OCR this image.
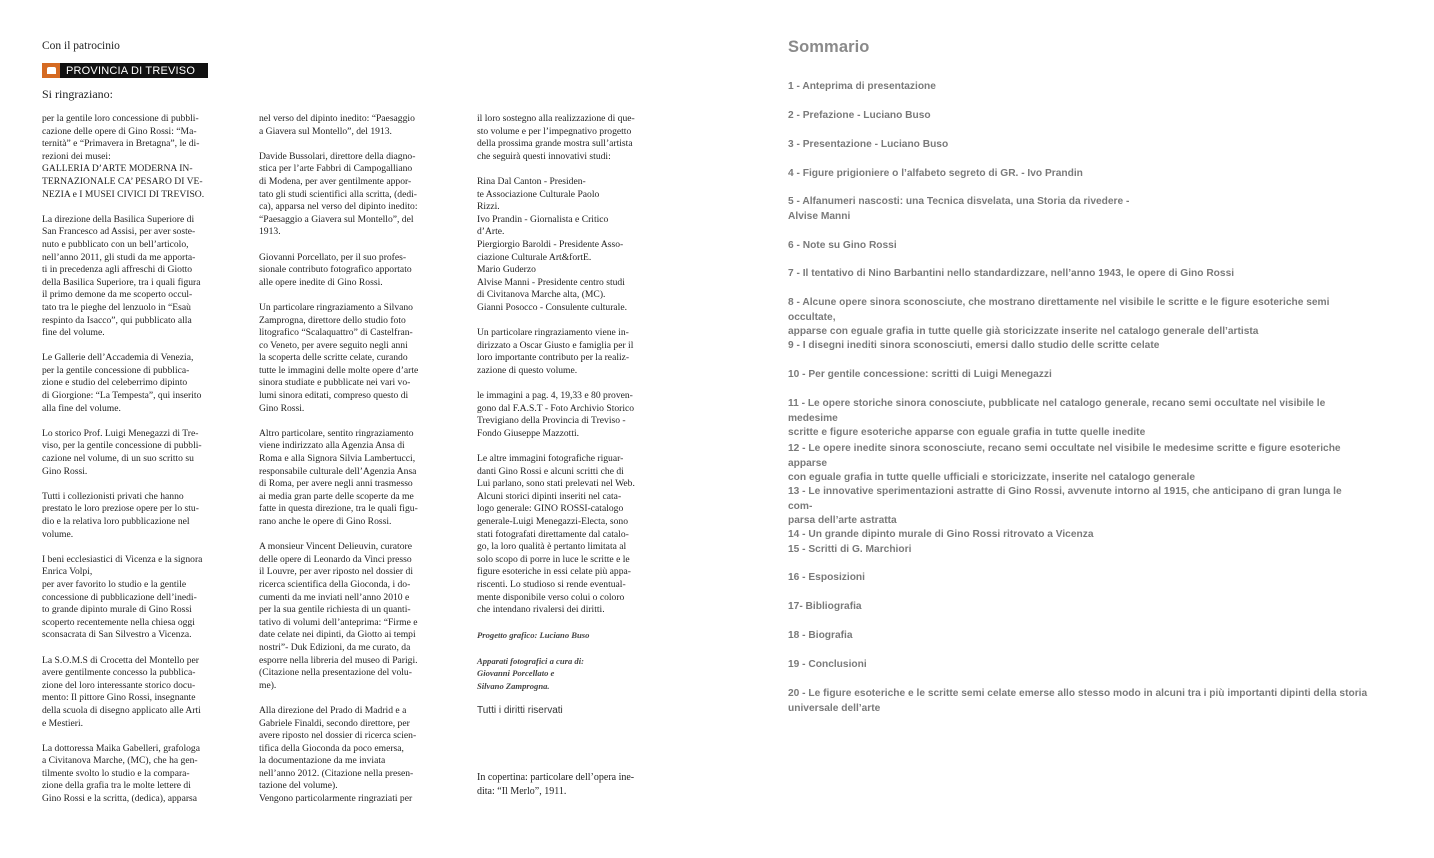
Con il patrocinio
PROVINCIA DI TREVISO
Si ringraziano:

per la gentile loro concessione di pubbli-
cazione delle opere di Gino Rossi: “Ma-
ternità” e “Primavera in Bretagna”, le di-
rezioni dei musei:
GALLERIA D’ARTE MODERNA IN-
TERNAZIONALE CA’ PESARO DI VE-
NEZIA e I MUSEI CIVICI DI TREVISO.

La direzione della Basilica Superiore di
San Francesco ad Assisi, per aver soste-
nuto e pubblicato con un bell’articolo,
nell’anno 2011, gli studi da me apporta-
ti in precedenza agli affreschi di Giotto
della Basilica Superiore, tra i quali figura
il primo demone da me scoperto occul-
tato tra le pieghe del lenzuolo in “Esaù
respinto da Isacco”, qui pubblicato alla
fine del volume.

Le Gallerie dell’Accademia di Venezia,
per la gentile concessione di pubblica-
zione e studio del celeberrimo dipinto
di Giorgione: “La Tempesta”, qui inserito
alla fine del volume.

Lo storico Prof. Luigi Menegazzi di Tre-
viso, per la gentile concessione di pubbli-
cazione nel volume, di un suo scritto su
Gino Rossi.

Tutti i collezionisti privati che hanno
prestato le loro preziose opere per lo stu-
dio e la relativa loro pubblicazione nel
volume.

I beni ecclesiastici di Vicenza e la signora
Enrica Volpi,
per aver favorito lo studio e la gentile
concessione di pubblicazione dell’inedi-
to grande dipinto murale di Gino Rossi
scoperto recentemente nella chiesa oggi
sconsacrata di San Silvestro a Vicenza.

La S.O.M.S di Crocetta del Montello per
avere gentilmente concesso la pubblica-
zione del loro interessante storico docu-
mento: Il pittore Gino Rossi, insegnante
della scuola di disegno applicato alle Arti
e Mestieri.

La dottoressa Maika Gabelleri, grafologa
a Civitanova Marche, (MC), che ha gen-
tilmente svolto lo studio e la compara-
zione della grafia tra le molte lettere di
Gino Rossi e la scritta, (dedica), apparsa

nel verso del dipinto inedito: “Paesaggio
a Giavera sul Montello”, del 1913.

Davide Bussolari, direttore della diagno-
stica per l’arte Fabbri di Campogalliano
di Modena, per aver gentilmente appor-
tato gli studi scientifici alla scritta, (dedi-
ca), apparsa nel verso del dipinto inedito:
“Paesaggio a Giavera sul Montello”, del
1913.

Giovanni Porcellato, per il suo profes-
sionale contributo fotografico apportato
alle opere inedite di Gino Rossi.

Un particolare ringraziamento a Silvano
Zamprogna, direttore dello studio foto
litografico “Scalaquattro” di Castelfran-
co Veneto, per avere seguito negli anni
la scoperta delle scritte celate, curando
tutte le immagini delle molte opere d’arte
sinora studiate e pubblicate nei vari vo-
lumi sinora editati, compreso questo di
Gino Rossi.

Altro particolare, sentito ringraziamento
viene indirizzato alla Agenzia Ansa di
Roma e alla Signora Silvia Lambertucci,
responsabile culturale dell’Agenzia Ansa
di Roma, per avere negli anni trasmesso
ai media gran parte delle scoperte da me
fatte in questa direzione, tra le quali figu-
rano anche le opere di Gino Rossi.

A monsieur Vincent Delieuvin, curatore
delle opere di Leonardo da Vinci presso
il Louvre, per aver riposto nel dossier di
ricerca scientifica della Gioconda, i do-
cumenti da me inviati nell’anno 2010 e
per la sua gentile richiesta di un quanti-
tativo di volumi dell’anteprima: “Firme e
date celate nei dipinti, da Giotto ai tempi
nostri”- Duk Edizioni, da me curato, da
esporre nella libreria del museo di Parigi.
(Citazione nella presentazione del volu-
me).

Alla direzione del Prado di Madrid e a
Gabriele Finaldi, secondo direttore, per
avere riposto nel dossier di ricerca scien-
tifica della Gioconda da poco emersa,
la documentazione da me inviata
nell’anno 2012. (Citazione nella presen-
tazione del volume).
Vengono particolarmente ringraziati per

il loro sostegno alla realizzazione di que-
sto volume e per l’impegnativo progetto
della prossima grande mostra sull’artista
che seguirà questi innovativi studi:

Rina Dal Canton - Presiden-
te Associazione Culturale Paolo
Rizzi.
Ivo Prandin - Giornalista e Critico
d’Arte.
Piergiorgio Baroldi - Presidente Asso-
ciazione Culturale Art&fortE.
Mario Guderzo
Alvise Manni - Presidente centro studi
di Civitanova Marche alta, (MC).
Gianni Posocco - Consulente culturale.

Un particolare ringraziamento viene in-
dirizzato a Oscar Giusto e famiglia per il
loro importante contributo per la realiz-
zazione di questo volume.

le immagini a pag. 4, 19,33 e 80 proven-
gono dal F.A.S.T - Foto Archivio Storico
Trevigiano della Provincia di Treviso -
Fondo Giuseppe Mazzotti.

Le altre immagini fotografiche riguar-
danti Gino Rossi e alcuni scritti che di
Lui parlano, sono stati prelevati nel Web.
Alcuni storici dipinti inseriti nel cata-
logo generale: GINO ROSSI-catalogo
generale-Luigi Menegazzi-Electa, sono
stati fotografati direttamente dal catalo-
go, la loro qualità è pertanto limitata al
solo scopo di porre in luce le scritte e le
figure esoteriche in essi celate più appa-
riscenti. Lo studioso si rende eventual-
mente disponibile verso colui o coloro
che intendano rivalersi dei diritti.

Progetto grafico: Luciano Buso

Apparati fotografici a cura di:
Giovanni Porcellato e
Silvano Zamprogna.

Tutti i diritti riservati

In copertina: particolare dell’opera ine-
dita: “Il Merlo”, 1911.
Sommario
1 - Anteprima di presentazione
2 - Prefazione - Luciano Buso
3 - Presentazione - Luciano Buso
4 - Figure prigioniere o l’alfabeto segreto di GR. - Ivo Prandin
5 - Alfanumeri nascosti: una Tecnica disvelata, una Storia da rivedere -
Alvise Manni
6 - Note su Gino Rossi
7 - Il tentativo di Nino Barbantini nello standardizzare, nell’anno 1943, le opere di Gino Rossi
8 - Alcune opere sinora sconosciute, che mostrano direttamente nel visibile le scritte e le figure esoteriche semi occultate,
apparse con eguale grafia in tutte quelle già storicizzate inserite nel catalogo generale dell’artista
9 - I disegni inediti sinora sconosciuti, emersi dallo studio delle scritte celate
10 - Per gentile concessione: scritti di Luigi Menegazzi
11 - Le opere storiche sinora conosciute, pubblicate nel catalogo generale, recano semi occultate nel visibile le medesime
scritte e figure esoteriche apparse con eguale grafia in tutte quelle inedite
12 - Le opere inedite sinora sconosciute, recano semi occultate nel visibile le medesime scritte e figure esoteriche apparse
con eguale grafia in tutte quelle ufficiali e storicizzate, inserite nel catalogo generale
13 - Le innovative sperimentazioni astratte di Gino Rossi, avvenute intorno al 1915, che anticipano di gran lunga le com-
parsa dell’arte astratta
14 - Un grande dipinto murale di Gino Rossi ritrovato a Vicenza
15 - Scritti di G. Marchiori
16 - Esposizioni
17- Bibliografia
18 - Biografia
19 - Conclusioni
20 - Le figure esoteriche e le scritte semi celate emerse allo stesso modo in alcuni tra i più importanti dipinti della storia
universale dell’arte
